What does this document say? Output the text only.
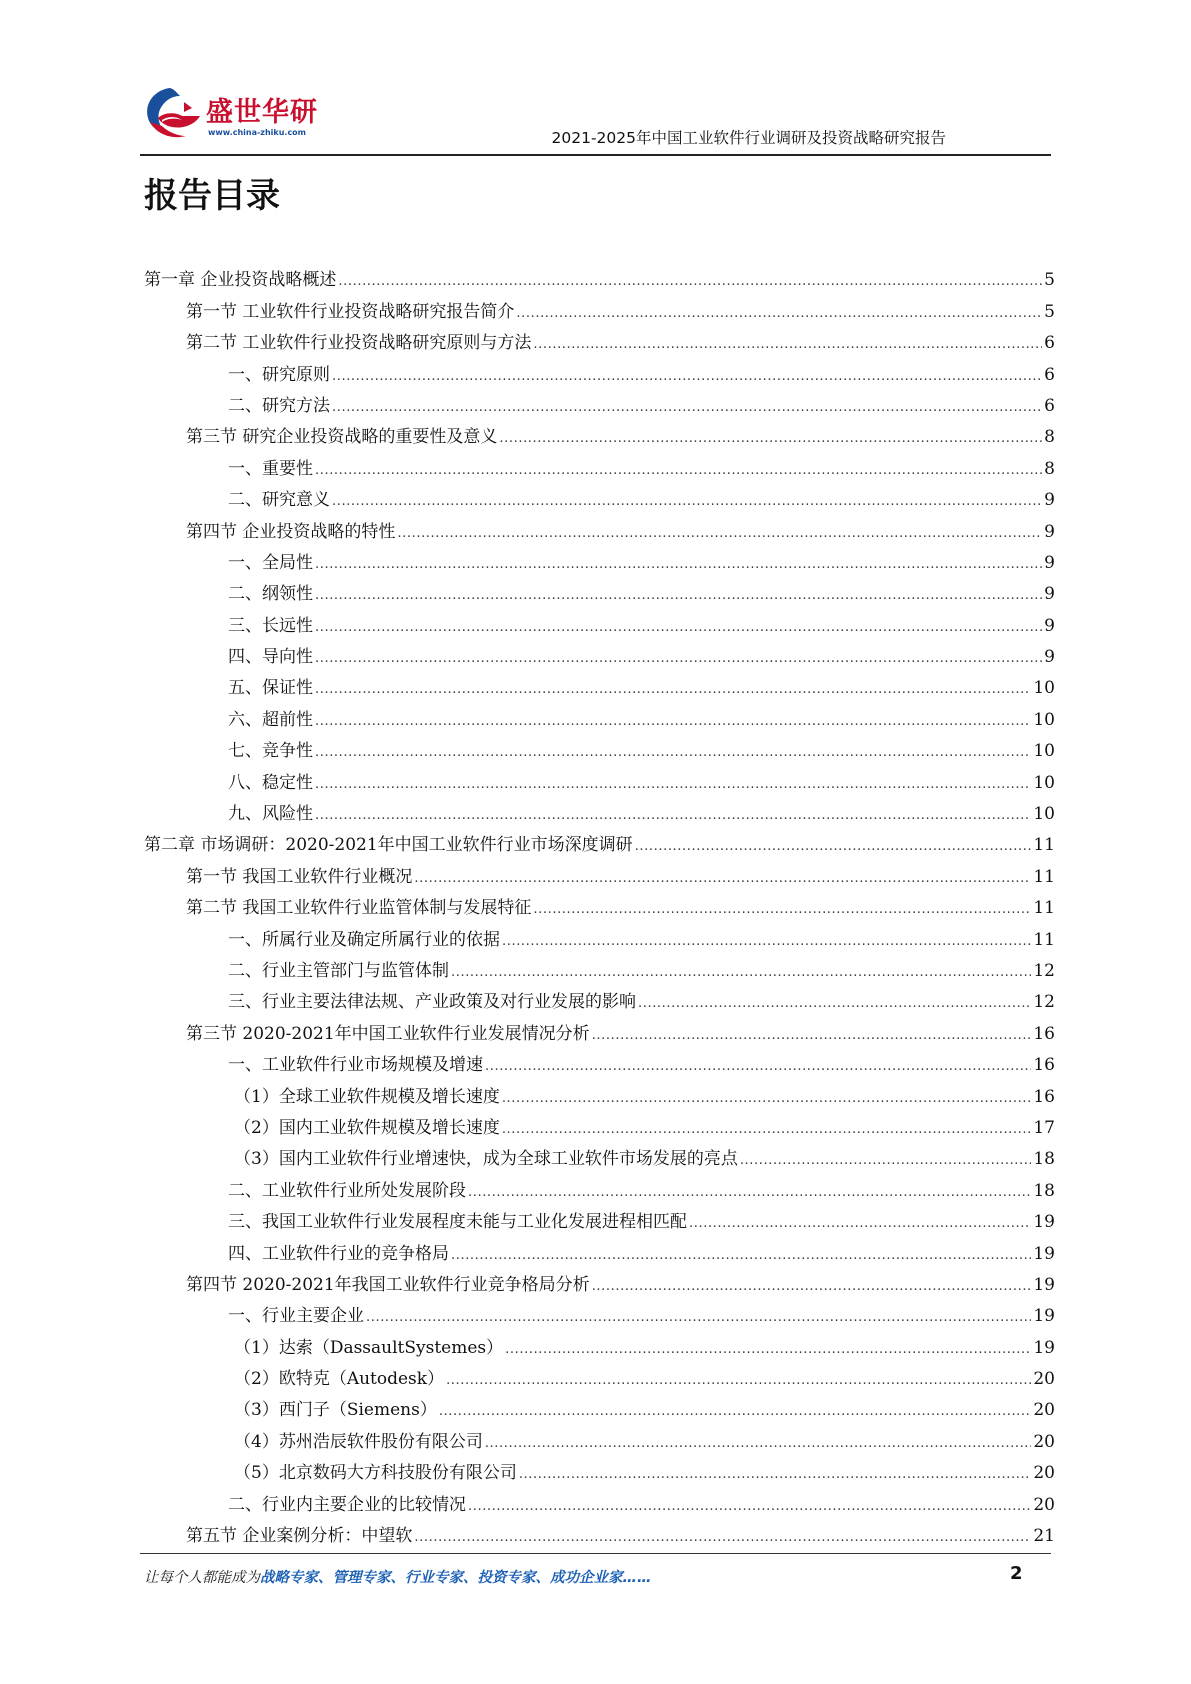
盛世华研
www.china-zhiku.com	2021-2025年中国工业软件行业调研及投资战略研究报告
报告目录
第一章 企业投资战略概述 .....	5
第一节 工业软件行业投资战略研究报告简介 .....	5
第二节 工业软件行业投资战略研究原则与方法 .....	6
一、研究原则 .....	6
二、研究方法 .....	6
第三节 研究企业投资战略的重要性及意义 .....	8
一、重要性 .....	8
二、研究意义 .....	9
第四节 企业投资战略的特性 .....	9
一、全局性 .....	9
二、纲领性 .....	9
三、长远性 .....	9
四、导向性 .....	9
五、保证性 .....	10
六、超前性 .....	10
七、竞争性 .....	10
八、稳定性 .....	10
九、风险性 .....	10
第二章 市场调研：2020-2021年中国工业软件行业市场深度调研 .....	11
第一节 我国工业软件行业概况 .....	11
第二节 我国工业软件行业监管体制与发展特征 .....	11
一、所属行业及确定所属行业的依据 .....	11
二、行业主管部门与监管体制 .....	12
三、行业主要法律法规、产业政策及对行业发展的影响 .....	12
第三节 2020-2021年中国工业软件行业发展情况分析 .....	16
一、工业软件行业市场规模及增速 .....	16
（1）全球工业软件规模及增长速度 .....	16
（2）国内工业软件规模及增长速度 .....	17
（3）国内工业软件行业增速快，成为全球工业软件市场发展的亮点 .....	18
二、工业软件行业所处发展阶段 .....	18
三、我国工业软件行业发展程度未能与工业化发展进程相匹配 .....	19
四、工业软件行业的竞争格局 .....	19
第四节 2020-2021年我国工业软件行业竞争格局分析 .....	19
一、行业主要企业 .....	19
（1）达索（DassaultSystemes） .....	19
（2）欧特克（Autodesk） .....	20
（3）西门子（Siemens） .....	20
（4）苏州浩辰软件股份有限公司 .....	20
（5）北京数码大方科技股份有限公司 .....	20
二、行业内主要企业的比较情况 .....	20
第五节 企业案例分析：中望软 .....	21
让每个人都能成为战略专家、管理专家、行业专家、投资专家、成功企业家……	2
